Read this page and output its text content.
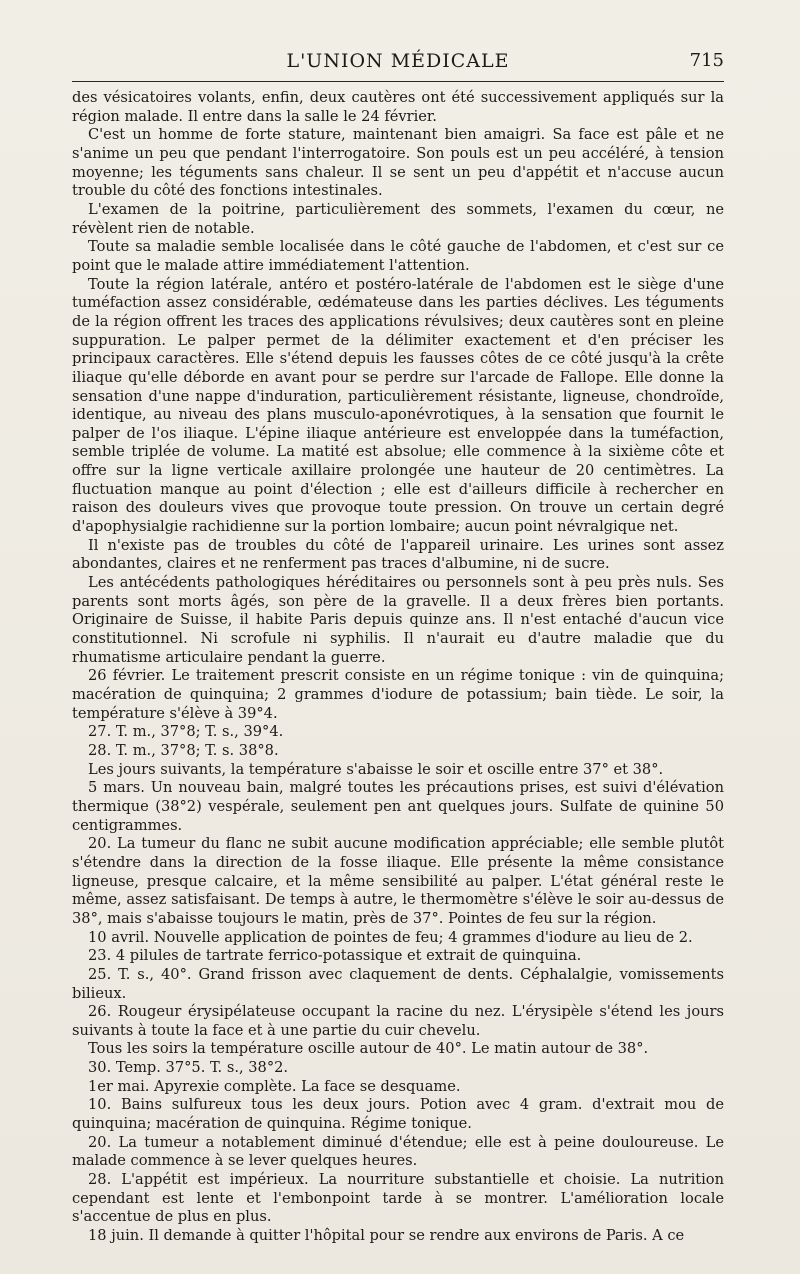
L'UNION MÉDICALE	715

des vésicatoires volants, enfin, deux cautères ont été successivement appliqués sur la région malade. Il entre dans la salle le 24 février.

C'est un homme de forte stature, maintenant bien amaigri. Sa face est pâle et ne s'anime un peu que pendant l'interrogatoire. Son pouls est un peu accéléré, à tension moyenne; les téguments sans chaleur. Il se sent un peu d'appétit et n'accuse aucun trouble du côté des fonctions intestinales.

L'examen de la poitrine, particulièrement des sommets, l'examen du cœur, ne révèlent rien de notable.

Toute sa maladie semble localisée dans le côté gauche de l'abdomen, et c'est sur ce point que le malade attire immédiatement l'attention.

Toute la région latérale, antéro et postéro-latérale de l'abdomen est le siège d'une tuméfaction assez considérable, œdémateuse dans les parties déclives. Les téguments de la région offrent les traces des applications révulsives; deux cautères sont en pleine suppuration. Le palper permet de la délimiter exactement et d'en préciser les principaux caractères. Elle s'étend depuis les fausses côtes de ce côté jusqu'à la crête iliaque qu'elle déborde en avant pour se perdre sur l'arcade de Fallope. Elle donne la sensation d'une nappe d'induration, particulièrement résistante, ligneuse, chondroïde, identique, au niveau des plans musculo-aponévrotiques, à la sensation que fournit le palper de l'os iliaque. L'épine iliaque antérieure est enveloppée dans la tuméfaction, semble triplée de volume. La matité est absolue; elle commence à la sixième côte et offre sur la ligne verticale axillaire prolongée une hauteur de 20 centimètres. La fluctuation manque au point d'élection ; elle est d'ailleurs difficile à rechercher en raison des douleurs vives que provoque toute pression. On trouve un certain degré d'apophysialgie rachidienne sur la portion lombaire; aucun point névralgique net.

Il n'existe pas de troubles du côté de l'appareil urinaire. Les urines sont assez abondantes, claires et ne renferment pas traces d'albumine, ni de sucre.

Les antécédents pathologiques héréditaires ou personnels sont à peu près nuls. Ses parents sont morts âgés, son père de la gravelle. Il a deux frères bien portants. Originaire de Suisse, il habite Paris depuis quinze ans. Il n'est entaché d'aucun vice constitutionnel. Ni scrofule ni syphilis. Il n'aurait eu d'autre maladie que du rhumatisme articulaire pendant la guerre.

26 février. Le traitement prescrit consiste en un régime tonique : vin de quinquina; macération de quinquina; 2 grammes d'iodure de potassium; bain tiède. Le soir, la température s'élève à 39°4.

27. T. m., 37°8; T. s., 39°4.

28. T. m., 37°8; T. s. 38°8.

Les jours suivants, la température s'abaisse le soir et oscille entre 37° et 38°.

5 mars. Un nouveau bain, malgré toutes les précautions prises, est suivi d'élévation thermique (38°2) vespérale, seulement pen ant quelques jours. Sulfate de quinine 50 centigrammes.

20. La tumeur du flanc ne subit aucune modification appréciable; elle semble plutôt s'étendre dans la direction de la fosse iliaque. Elle présente la même consistance ligneuse, presque calcaire, et la même sensibilité au palper. L'état général reste le même, assez satisfaisant. De temps à autre, le thermomètre s'élève le soir au-dessus de 38°, mais s'abaisse toujours le matin, près de 37°. Pointes de feu sur la région.

10 avril. Nouvelle application de pointes de feu; 4 grammes d'iodure au lieu de 2.

23. 4 pilules de tartrate ferrico-potassique et extrait de quinquina.

25. T. s., 40°. Grand frisson avec claquement de dents. Céphalalgie, vomissements bilieux.

26. Rougeur érysipélateuse occupant la racine du nez. L'érysipèle s'étend les jours suivants à toute la face et à une partie du cuir chevelu.

Tous les soirs la température oscille autour de 40°. Le matin autour de 38°.

30. Temp. 37°5. T. s., 38°2.

1er mai. Apyrexie complète. La face se desquame.

10. Bains sulfureux tous les deux jours. Potion avec 4 gram. d'extrait mou de quinquina; macération de quinquina. Régime tonique.

20. La tumeur a notablement diminué d'étendue; elle est à peine douloureuse. Le malade commence à se lever quelques heures.

28. L'appétit est impérieux. La nourriture substantielle et choisie. La nutrition cependant est lente et l'embonpoint tarde à se montrer. L'amélioration locale s'accentue de plus en plus.

18 juin. Il demande à quitter l'hôpital pour se rendre aux environs de Paris. A ce
